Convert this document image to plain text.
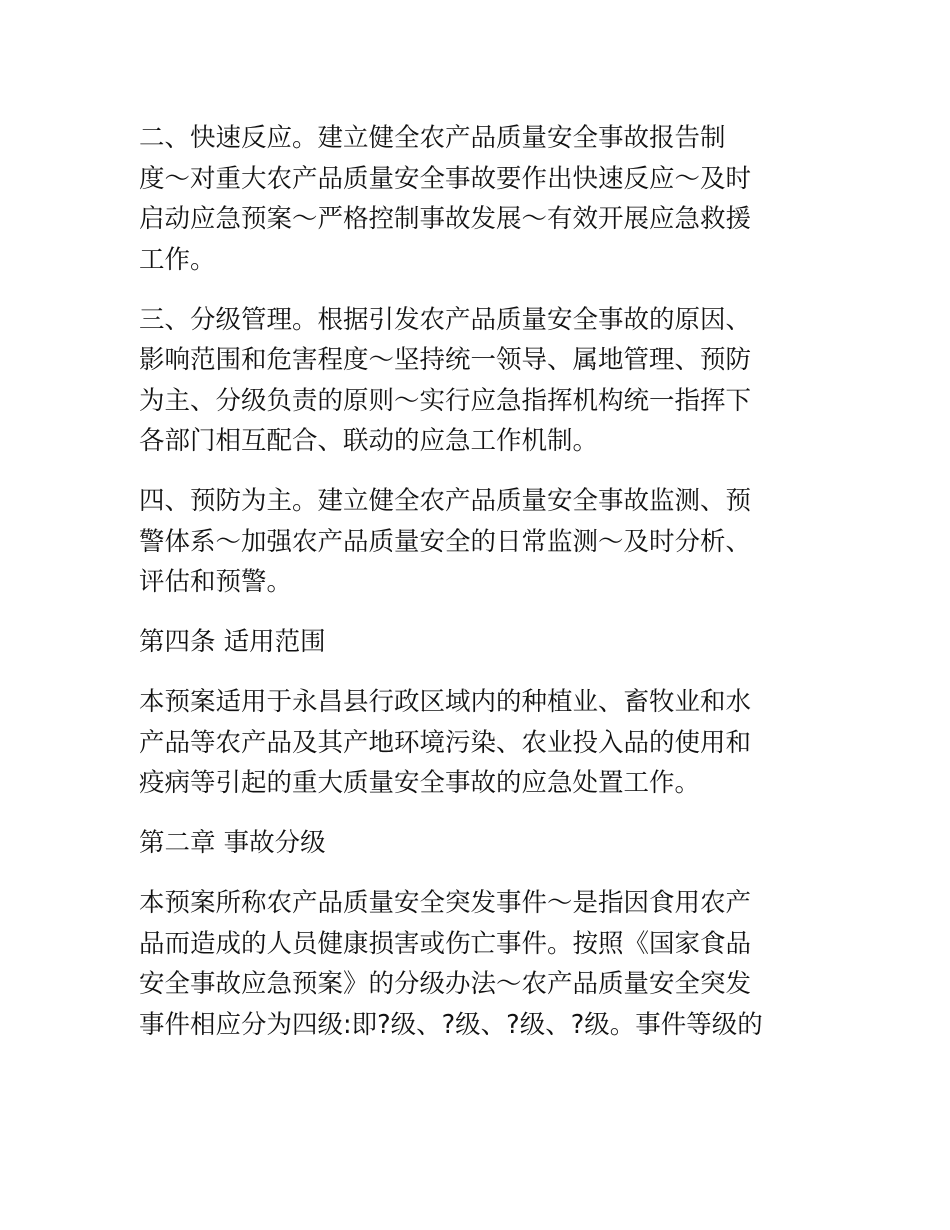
二、快速反应。建立健全农产品质量安全事故报告制
度～对重大农产品质量安全事故要作出快速反应～及时
启动应急预案～严格控制事故发展～有效开展应急救援
工作。
三、分级管理。根据引发农产品质量安全事故的原因、
影响范围和危害程度～坚持统一领导、属地管理、预防
为主、分级负责的原则～实行应急指挥机构统一指挥下
各部门相互配合、联动的应急工作机制。
四、预防为主。建立健全农产品质量安全事故监测、预
警体系～加强农产品质量安全的日常监测～及时分析、
评估和预警。
第四条 适用范围
本预案适用于永昌县行政区域内的种植业、畜牧业和水
产品等农产品及其产地环境污染、农业投入品的使用和
疫病等引起的重大质量安全事故的应急处置工作。
第二章 事故分级
本预案所称农产品质量安全突发事件～是指因食用农产
品而造成的人员健康损害或伤亡事件。按照《国家食品
安全事故应急预案》的分级办法～农产品质量安全突发
事件相应分为四级:即?级、?级、?级、?级。事件等级的
